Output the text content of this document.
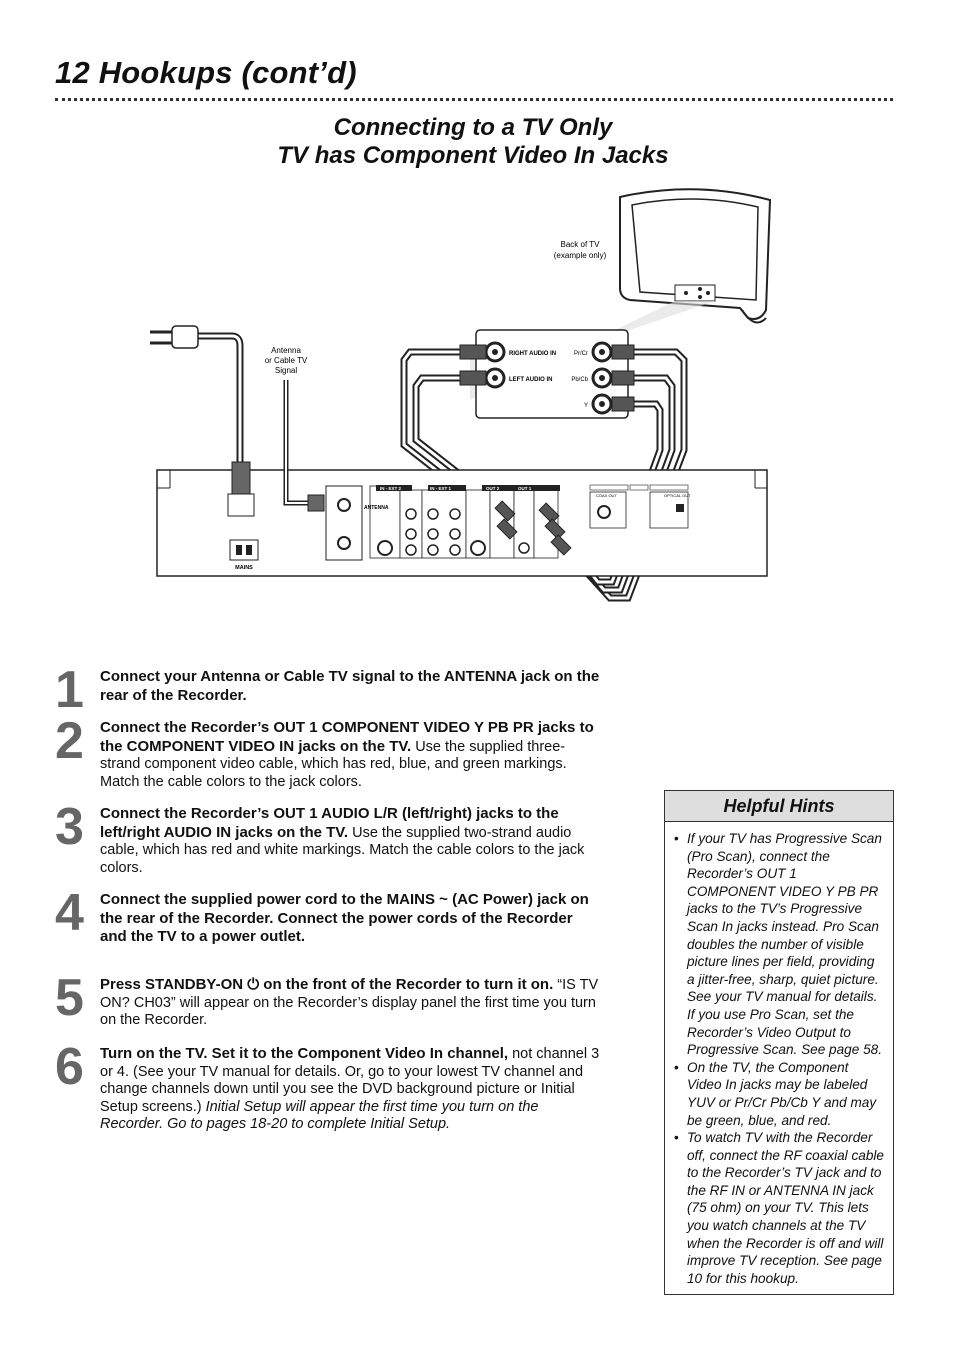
12 Hookups (cont’d)
Connecting to a TV Only
TV has Component Video In Jacks
Back of TV
(example only)
RIGHT AUDIO IN
LEFT AUDIO IN
Pr/Cr
Pb/Cb
Y
MAINS
ANTENNA
IN - EXT 2	IN - EXT 1	OUT 2	OUT 1
COAX OUT	OPTICAL OUT
Antenna
or Cable TV
Signal
1 Connect your Antenna or Cable TV signal to the ANTENNA jack on the rear of the Recorder.
2 Connect the Recorder’s OUT 1 COMPONENT VIDEO Y PB PR jacks to the COMPONENT VIDEO IN jacks on the TV. Use the supplied three-strand component video cable, which has red, blue, and green markings. Match the cable colors to the jack colors.
3 Connect the Recorder’s OUT 1 AUDIO L/R (left/right) jacks to the left/right AUDIO IN jacks on the TV. Use the supplied two-strand audio cable, which has red and white markings. Match the cable colors to the jack colors.
4 Connect the supplied power cord to the MAINS ~ (AC Power) jack on the rear of the Recorder. Connect the power cords of the Recorder and the TV to a power outlet.
5 Press STANDBY-ON ⏻ on the front of the Recorder to turn it on. “IS TV ON? CH03” will appear on the Recorder’s display panel the first time you turn on the Recorder.
6 Turn on the TV. Set it to the Component Video In channel, not channel 3 or 4. (See your TV manual for details. Or, go to your lowest TV channel and change channels down until you see the DVD background picture or Initial Setup screens.) Initial Setup will appear the first time you turn on the Recorder. Go to pages 18-20 to complete Initial Setup.
Helpful Hints
• If your TV has Progressive Scan (Pro Scan), connect the Recorder’s OUT 1 COMPONENT VIDEO Y PB PR jacks to the TV’s Progressive Scan In jacks instead. Pro Scan doubles the number of visible picture lines per field, providing a jitter-free, sharp, quiet picture. See your TV manual for details. If you use Pro Scan, set the Recorder’s Video Output to Progressive Scan. See page 58.
• On the TV, the Component Video In jacks may be labeled YUV or Pr/Cr Pb/Cb Y and may be green, blue, and red.
• To watch TV with the Recorder off, connect the RF coaxial cable to the Recorder’s TV jack and to the RF IN or ANTENNA IN jack (75 ohm) on your TV. This lets you watch channels at the TV when the Recorder is off and will improve TV reception. See page 10 for this hookup.
